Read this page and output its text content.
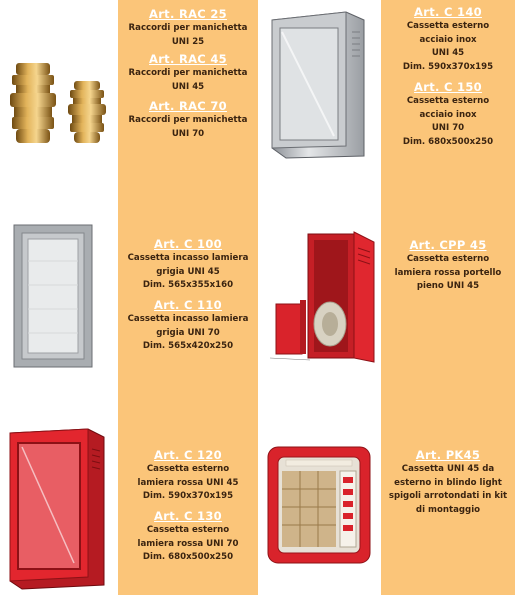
Art. RAC 25
Raccordi per manichetta
UNI 25
Art. RAC 45
Raccordi per manichetta
UNI 45
Art. RAC 70
Raccordi per manichetta
UNI 70
Art. C 100
Cassetta incasso lamiera
grigia UNI 45
Dim. 565x355x160
Art. C 110
Cassetta incasso lamiera
grigia UNI 70
Dim. 565x420x250
Art. C 120
Cassetta esterno
lamiera rossa UNI 45
Dim. 590x370x195
Art. C 130
Cassetta esterno
lamiera rossa UNI 70
Dim. 680x500x250
Art. C 140
Cassetta esterno
acciaio inox
UNI 45
Dim. 590x370x195
Art. C 150
Cassetta esterno
acciaio inox
UNI 70
Dim. 680x500x250
Art. CPP 45
Cassetta esterno
lamiera rossa portello
pieno UNI 45
Art. PK45
Cassetta UNI 45 da
esterno in blindo light
spigoli arrotondati in kit
di montaggio
